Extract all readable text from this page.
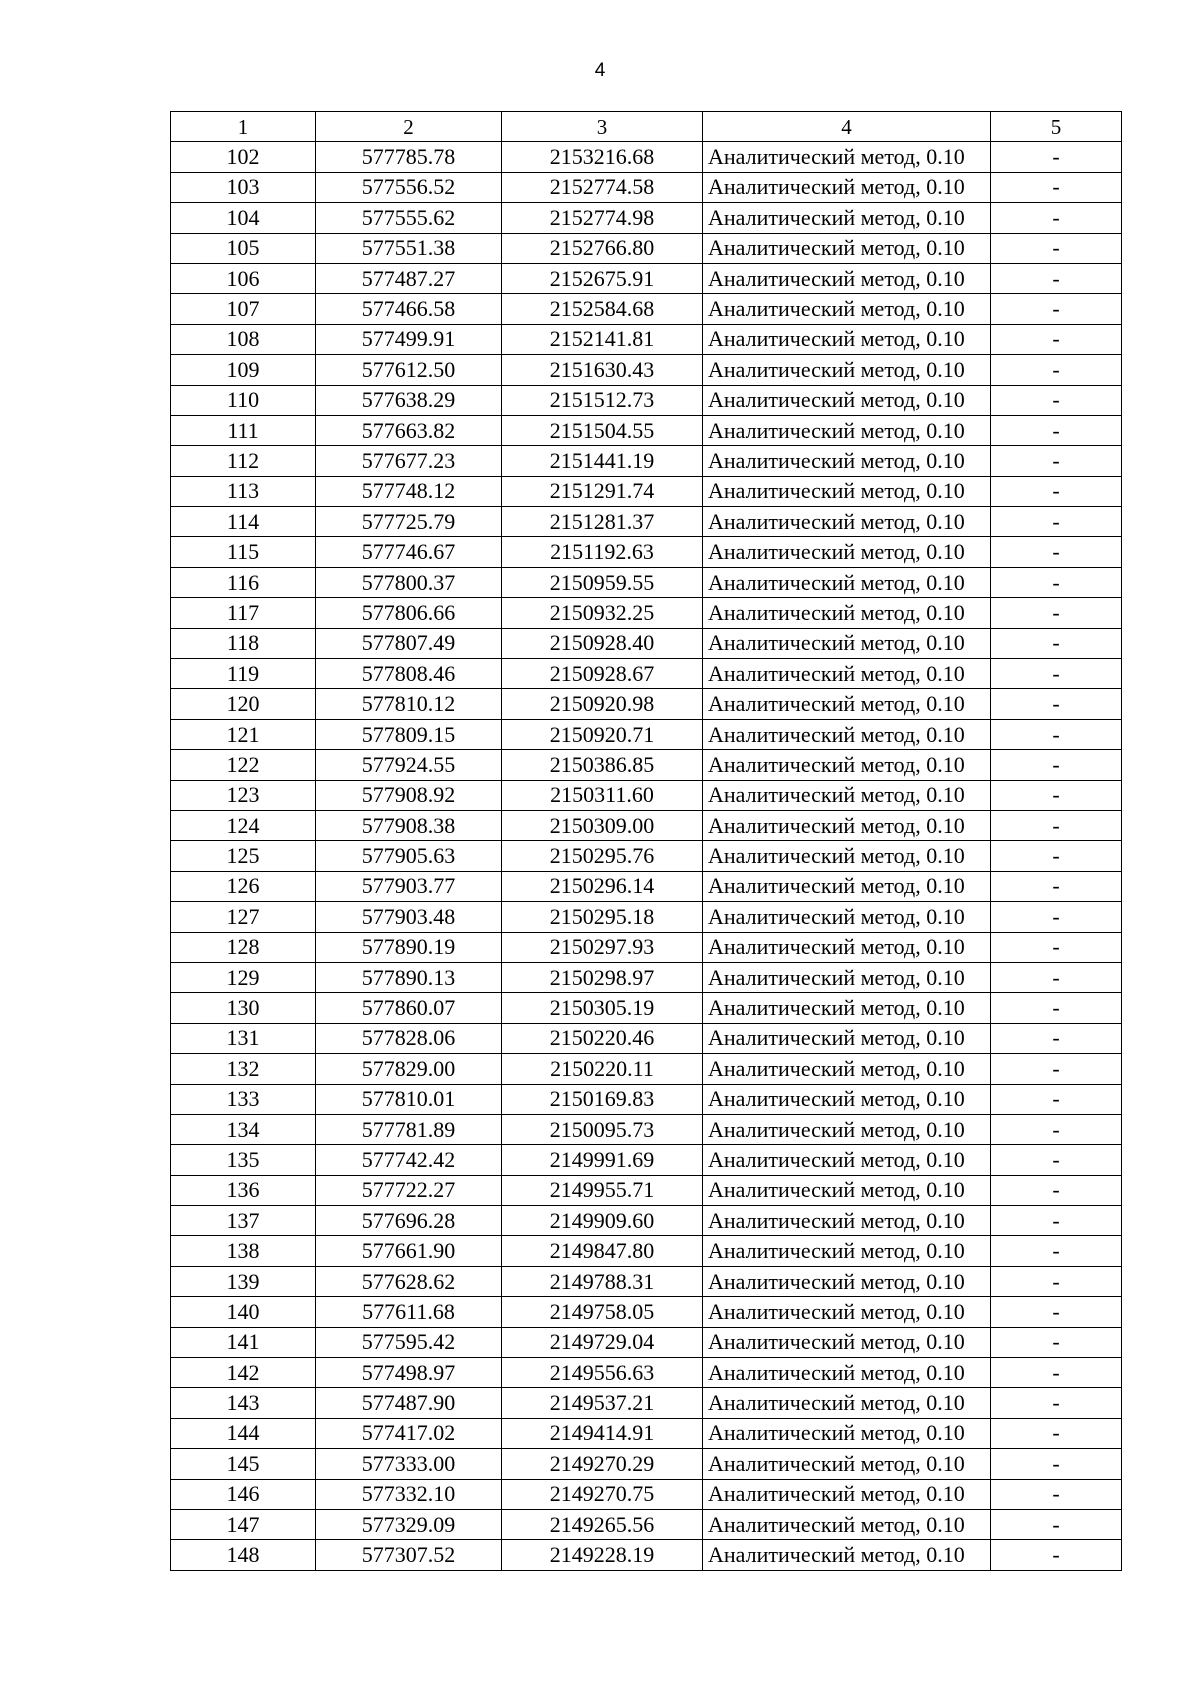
4
1	2	3	4	5
102	577785.78	2153216.68	Аналитический метод, 0.10	-
103	577556.52	2152774.58	Аналитический метод, 0.10	-
104	577555.62	2152774.98	Аналитический метод, 0.10	-
105	577551.38	2152766.80	Аналитический метод, 0.10	-
106	577487.27	2152675.91	Аналитический метод, 0.10	-
107	577466.58	2152584.68	Аналитический метод, 0.10	-
108	577499.91	2152141.81	Аналитический метод, 0.10	-
109	577612.50	2151630.43	Аналитический метод, 0.10	-
110	577638.29	2151512.73	Аналитический метод, 0.10	-
111	577663.82	2151504.55	Аналитический метод, 0.10	-
112	577677.23	2151441.19	Аналитический метод, 0.10	-
113	577748.12	2151291.74	Аналитический метод, 0.10	-
114	577725.79	2151281.37	Аналитический метод, 0.10	-
115	577746.67	2151192.63	Аналитический метод, 0.10	-
116	577800.37	2150959.55	Аналитический метод, 0.10	-
117	577806.66	2150932.25	Аналитический метод, 0.10	-
118	577807.49	2150928.40	Аналитический метод, 0.10	-
119	577808.46	2150928.67	Аналитический метод, 0.10	-
120	577810.12	2150920.98	Аналитический метод, 0.10	-
121	577809.15	2150920.71	Аналитический метод, 0.10	-
122	577924.55	2150386.85	Аналитический метод, 0.10	-
123	577908.92	2150311.60	Аналитический метод, 0.10	-
124	577908.38	2150309.00	Аналитический метод, 0.10	-
125	577905.63	2150295.76	Аналитический метод, 0.10	-
126	577903.77	2150296.14	Аналитический метод, 0.10	-
127	577903.48	2150295.18	Аналитический метод, 0.10	-
128	577890.19	2150297.93	Аналитический метод, 0.10	-
129	577890.13	2150298.97	Аналитический метод, 0.10	-
130	577860.07	2150305.19	Аналитический метод, 0.10	-
131	577828.06	2150220.46	Аналитический метод, 0.10	-
132	577829.00	2150220.11	Аналитический метод, 0.10	-
133	577810.01	2150169.83	Аналитический метод, 0.10	-
134	577781.89	2150095.73	Аналитический метод, 0.10	-
135	577742.42	2149991.69	Аналитический метод, 0.10	-
136	577722.27	2149955.71	Аналитический метод, 0.10	-
137	577696.28	2149909.60	Аналитический метод, 0.10	-
138	577661.90	2149847.80	Аналитический метод, 0.10	-
139	577628.62	2149788.31	Аналитический метод, 0.10	-
140	577611.68	2149758.05	Аналитический метод, 0.10	-
141	577595.42	2149729.04	Аналитический метод, 0.10	-
142	577498.97	2149556.63	Аналитический метод, 0.10	-
143	577487.90	2149537.21	Аналитический метод, 0.10	-
144	577417.02	2149414.91	Аналитический метод, 0.10	-
145	577333.00	2149270.29	Аналитический метод, 0.10	-
146	577332.10	2149270.75	Аналитический метод, 0.10	-
147	577329.09	2149265.56	Аналитический метод, 0.10	-
148	577307.52	2149228.19	Аналитический метод, 0.10	-
